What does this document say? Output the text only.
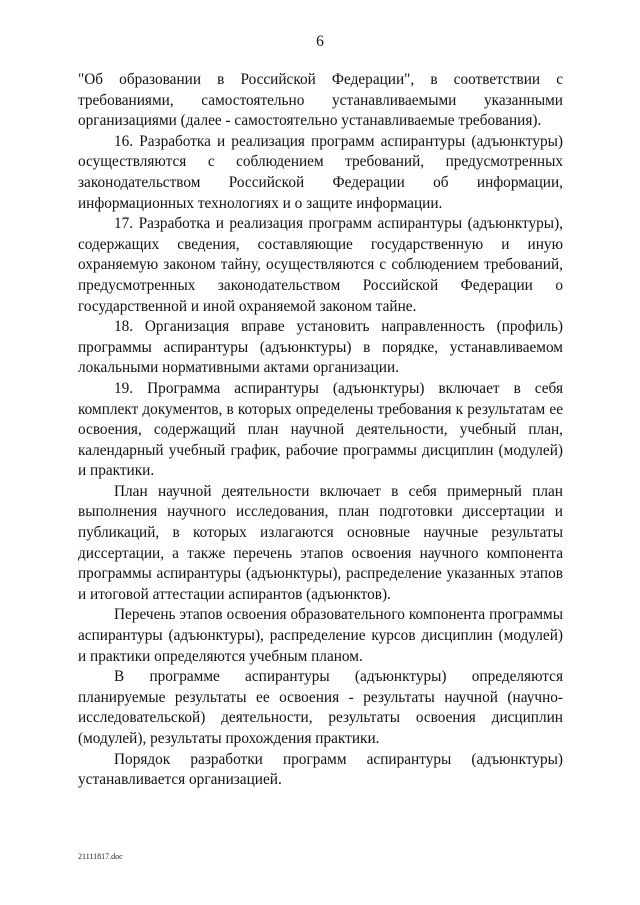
6

"Об образовании в Российской Федерации", в соответствии с требованиями, самостоятельно устанавливаемыми указанными организациями (далее - самостоятельно устанавливаемые требования).

16. Разработка и реализация программ аспирантуры (адъюнктуры) осуществляются с соблюдением требований, предусмотренных законодательством Российской Федерации об информации, информационных технологиях и о защите информации.

17. Разработка и реализация программ аспирантуры (адъюнктуры), содержащих сведения, составляющие государственную и иную охраняемую законом тайну, осуществляются с соблюдением требований, предусмотренных законодательством Российской Федерации о государственной и иной охраняемой законом тайне.

18. Организация вправе установить направленность (профиль) программы аспирантуры (адъюнктуры) в порядке, устанавливаемом локальными нормативными актами организации.

19. Программа аспирантуры (адъюнктуры) включает в себя комплект документов, в которых определены требования к результатам ее освоения, содержащий план научной деятельности, учебный план, календарный учебный график, рабочие программы дисциплин (модулей) и практики.

План научной деятельности включает в себя примерный план выполнения научного исследования, план подготовки диссертации и публикаций, в которых излагаются основные научные результаты диссертации, а также перечень этапов освоения научного компонента программы аспирантуры (адъюнктуры), распределение указанных этапов и итоговой аттестации аспирантов (адъюнктов).

Перечень этапов освоения образовательного компонента программы аспирантуры (адъюнктуры), распределение курсов дисциплин (модулей) и практики определяются учебным планом.

В программе аспирантуры (адъюнктуры) определяются планируемые результаты ее освоения - результаты научной (научно-исследовательской) деятельности, результаты освоения дисциплин (модулей), результаты прохождения практики.

Порядок разработки программ аспирантуры (адъюнктуры) устанавливается организацией.

21111817.doc
